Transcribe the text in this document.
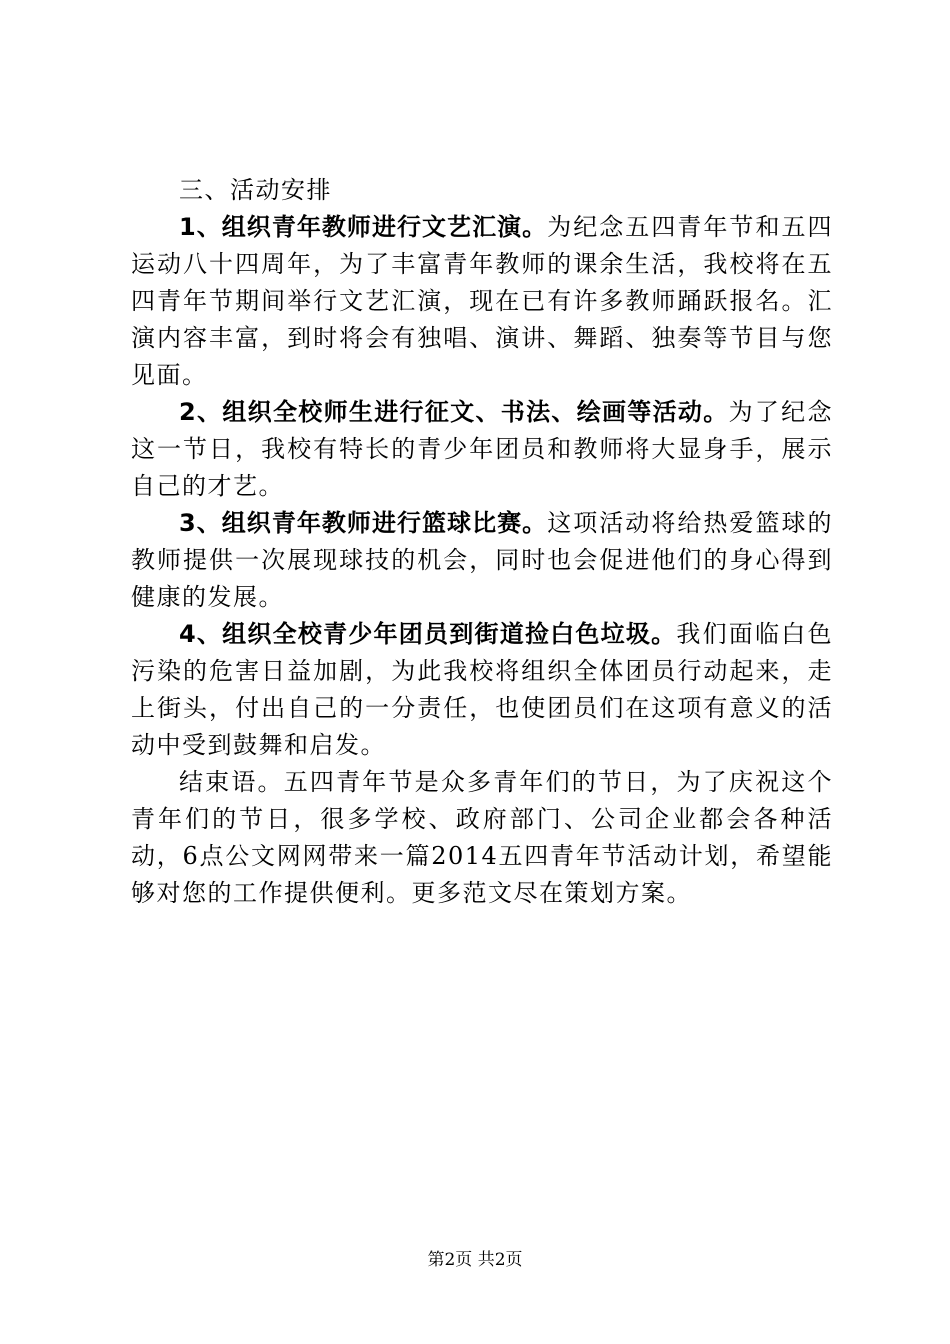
三、活动安排

1、组织青年教师进行文艺汇演。为纪念五四青年节和五四运动八十四周年，为了丰富青年教师的课余生活，我校将在五四青年节期间举行文艺汇演，现在已有许多教师踊跃报名。汇演内容丰富，到时将会有独唱、演讲、舞蹈、独奏等节目与您见面。

2、组织全校师生进行征文、书法、绘画等活动。为了纪念这一节日，我校有特长的青少年团员和教师将大显身手，展示自己的才艺。

3、组织青年教师进行篮球比赛。这项活动将给热爱篮球的教师提供一次展现球技的机会，同时也会促进他们的身心得到健康的发展。

4、组织全校青少年团员到街道捡白色垃圾。我们面临白色污染的危害日益加剧，为此我校将组织全体团员行动起来，走上街头，付出自己的一分责任，也使团员们在这项有意义的活动中受到鼓舞和启发。

结束语。五四青年节是众多青年们的节日，为了庆祝这个青年们的节日，很多学校、政府部门、公司企业都会各种活动，6点公文网网带来一篇2014五四青年节活动计划，希望能够对您的工作提供便利。更多范文尽在策划方案。

第2页 共2页
